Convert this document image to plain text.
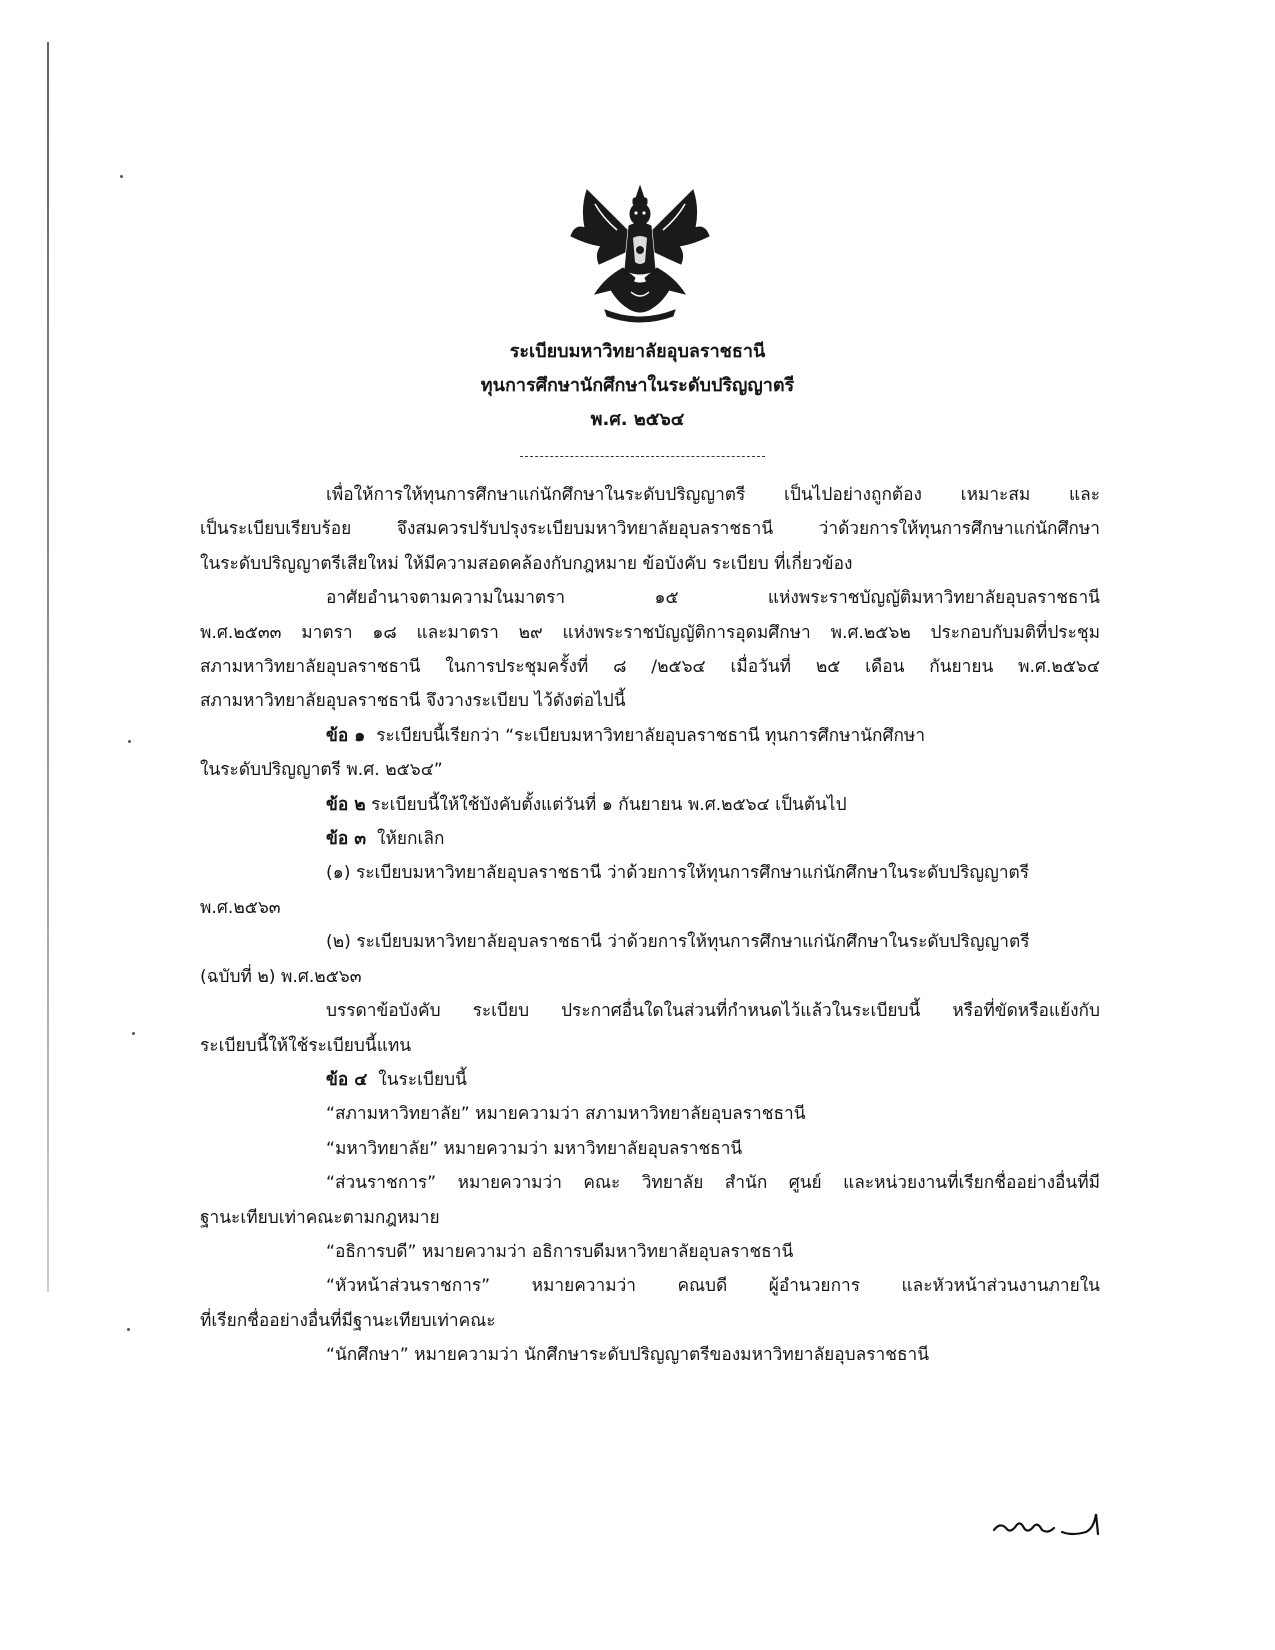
ระเบียบมหาวิทยาลัยอุบลราชธานี

ทุนการศึกษานักศึกษาในระดับปริญญาตรี

พ.ศ. ๒๕๖๔

เพื่อให้การให้ทุนการศึกษาแก่นักศึกษาในระดับปริญญาตรี เป็นไปอย่างถูกต้อง เหมาะสม และ

เป็นระเบียบเรียบร้อย จึงสมควรปรับปรุงระเบียบมหาวิทยาลัยอุบลราชธานี ว่าด้วยการให้ทุนการศึกษาแก่นักศึกษา

ในระดับปริญญาตรีเสียใหม่ ให้มีความสอดคล้องกับกฎหมาย ข้อบังคับ ระเบียบ ที่เกี่ยวข้อง

อาศัยอำนาจตามความในมาตรา ๑๕ แห่งพระราชบัญญัติมหาวิทยาลัยอุบลราชธานี

พ.ศ.๒๕๓๓ มาตรา ๑๘ และมาตรา ๒๙ แห่งพระราชบัญญัติการอุดมศึกษา พ.ศ.๒๕๖๒ ประกอบกับมติที่ประชุม

สภามหาวิทยาลัยอุบลราชธานี ในการประชุมครั้งที่ ๘ /๒๕๖๔ เมื่อวันที่ ๒๕ เดือน กันยายน พ.ศ.๒๕๖๔

สภามหาวิทยาลัยอุบลราชธานี จึงวางระเบียบ ไว้ดังต่อไปนี้

ข้อ ๑ ระเบียบนี้เรียกว่า “ระเบียบมหาวิทยาลัยอุบลราชธานี ทุนการศึกษานักศึกษา

ในระดับปริญญาตรี พ.ศ. ๒๕๖๔”

ข้อ ๒ ระเบียบนี้ให้ใช้บังคับตั้งแต่วันที่ ๑ กันยายน พ.ศ.๒๕๖๔ เป็นต้นไป

ข้อ ๓ ให้ยกเลิก

(๑) ระเบียบมหาวิทยาลัยอุบลราชธานี ว่าด้วยการให้ทุนการศึกษาแก่นักศึกษาในระดับปริญญาตรี

พ.ศ.๒๕๖๓

(๒) ระเบียบมหาวิทยาลัยอุบลราชธานี ว่าด้วยการให้ทุนการศึกษาแก่นักศึกษาในระดับปริญญาตรี

(ฉบับที่ ๒) พ.ศ.๒๕๖๓

บรรดาข้อบังคับ ระเบียบ ประกาศอื่นใดในส่วนที่กำหนดไว้แล้วในระเบียบนี้ หรือที่ขัดหรือแย้งกับ

ระเบียบนี้ให้ใช้ระเบียบนี้แทน

ข้อ ๔ ในระเบียบนี้

“สภามหาวิทยาลัย” หมายความว่า สภามหาวิทยาลัยอุบลราชธานี

“มหาวิทยาลัย” หมายความว่า มหาวิทยาลัยอุบลราชธานี

“ส่วนราชการ” หมายความว่า คณะ วิทยาลัย สำนัก ศูนย์ และหน่วยงานที่เรียกชื่ออย่างอื่นที่มี

ฐานะเทียบเท่าคณะตามกฎหมาย

“อธิการบดี” หมายความว่า อธิการบดีมหาวิทยาลัยอุบลราชธานี

“หัวหน้าส่วนราชการ” หมายความว่า คณบดี ผู้อำนวยการ และหัวหน้าส่วนงานภายใน

ที่เรียกชื่ออย่างอื่นที่มีฐานะเทียบเท่าคณะ

“นักศึกษา” หมายความว่า นักศึกษาระดับปริญญาตรีของมหาวิทยาลัยอุบลราชธานี
